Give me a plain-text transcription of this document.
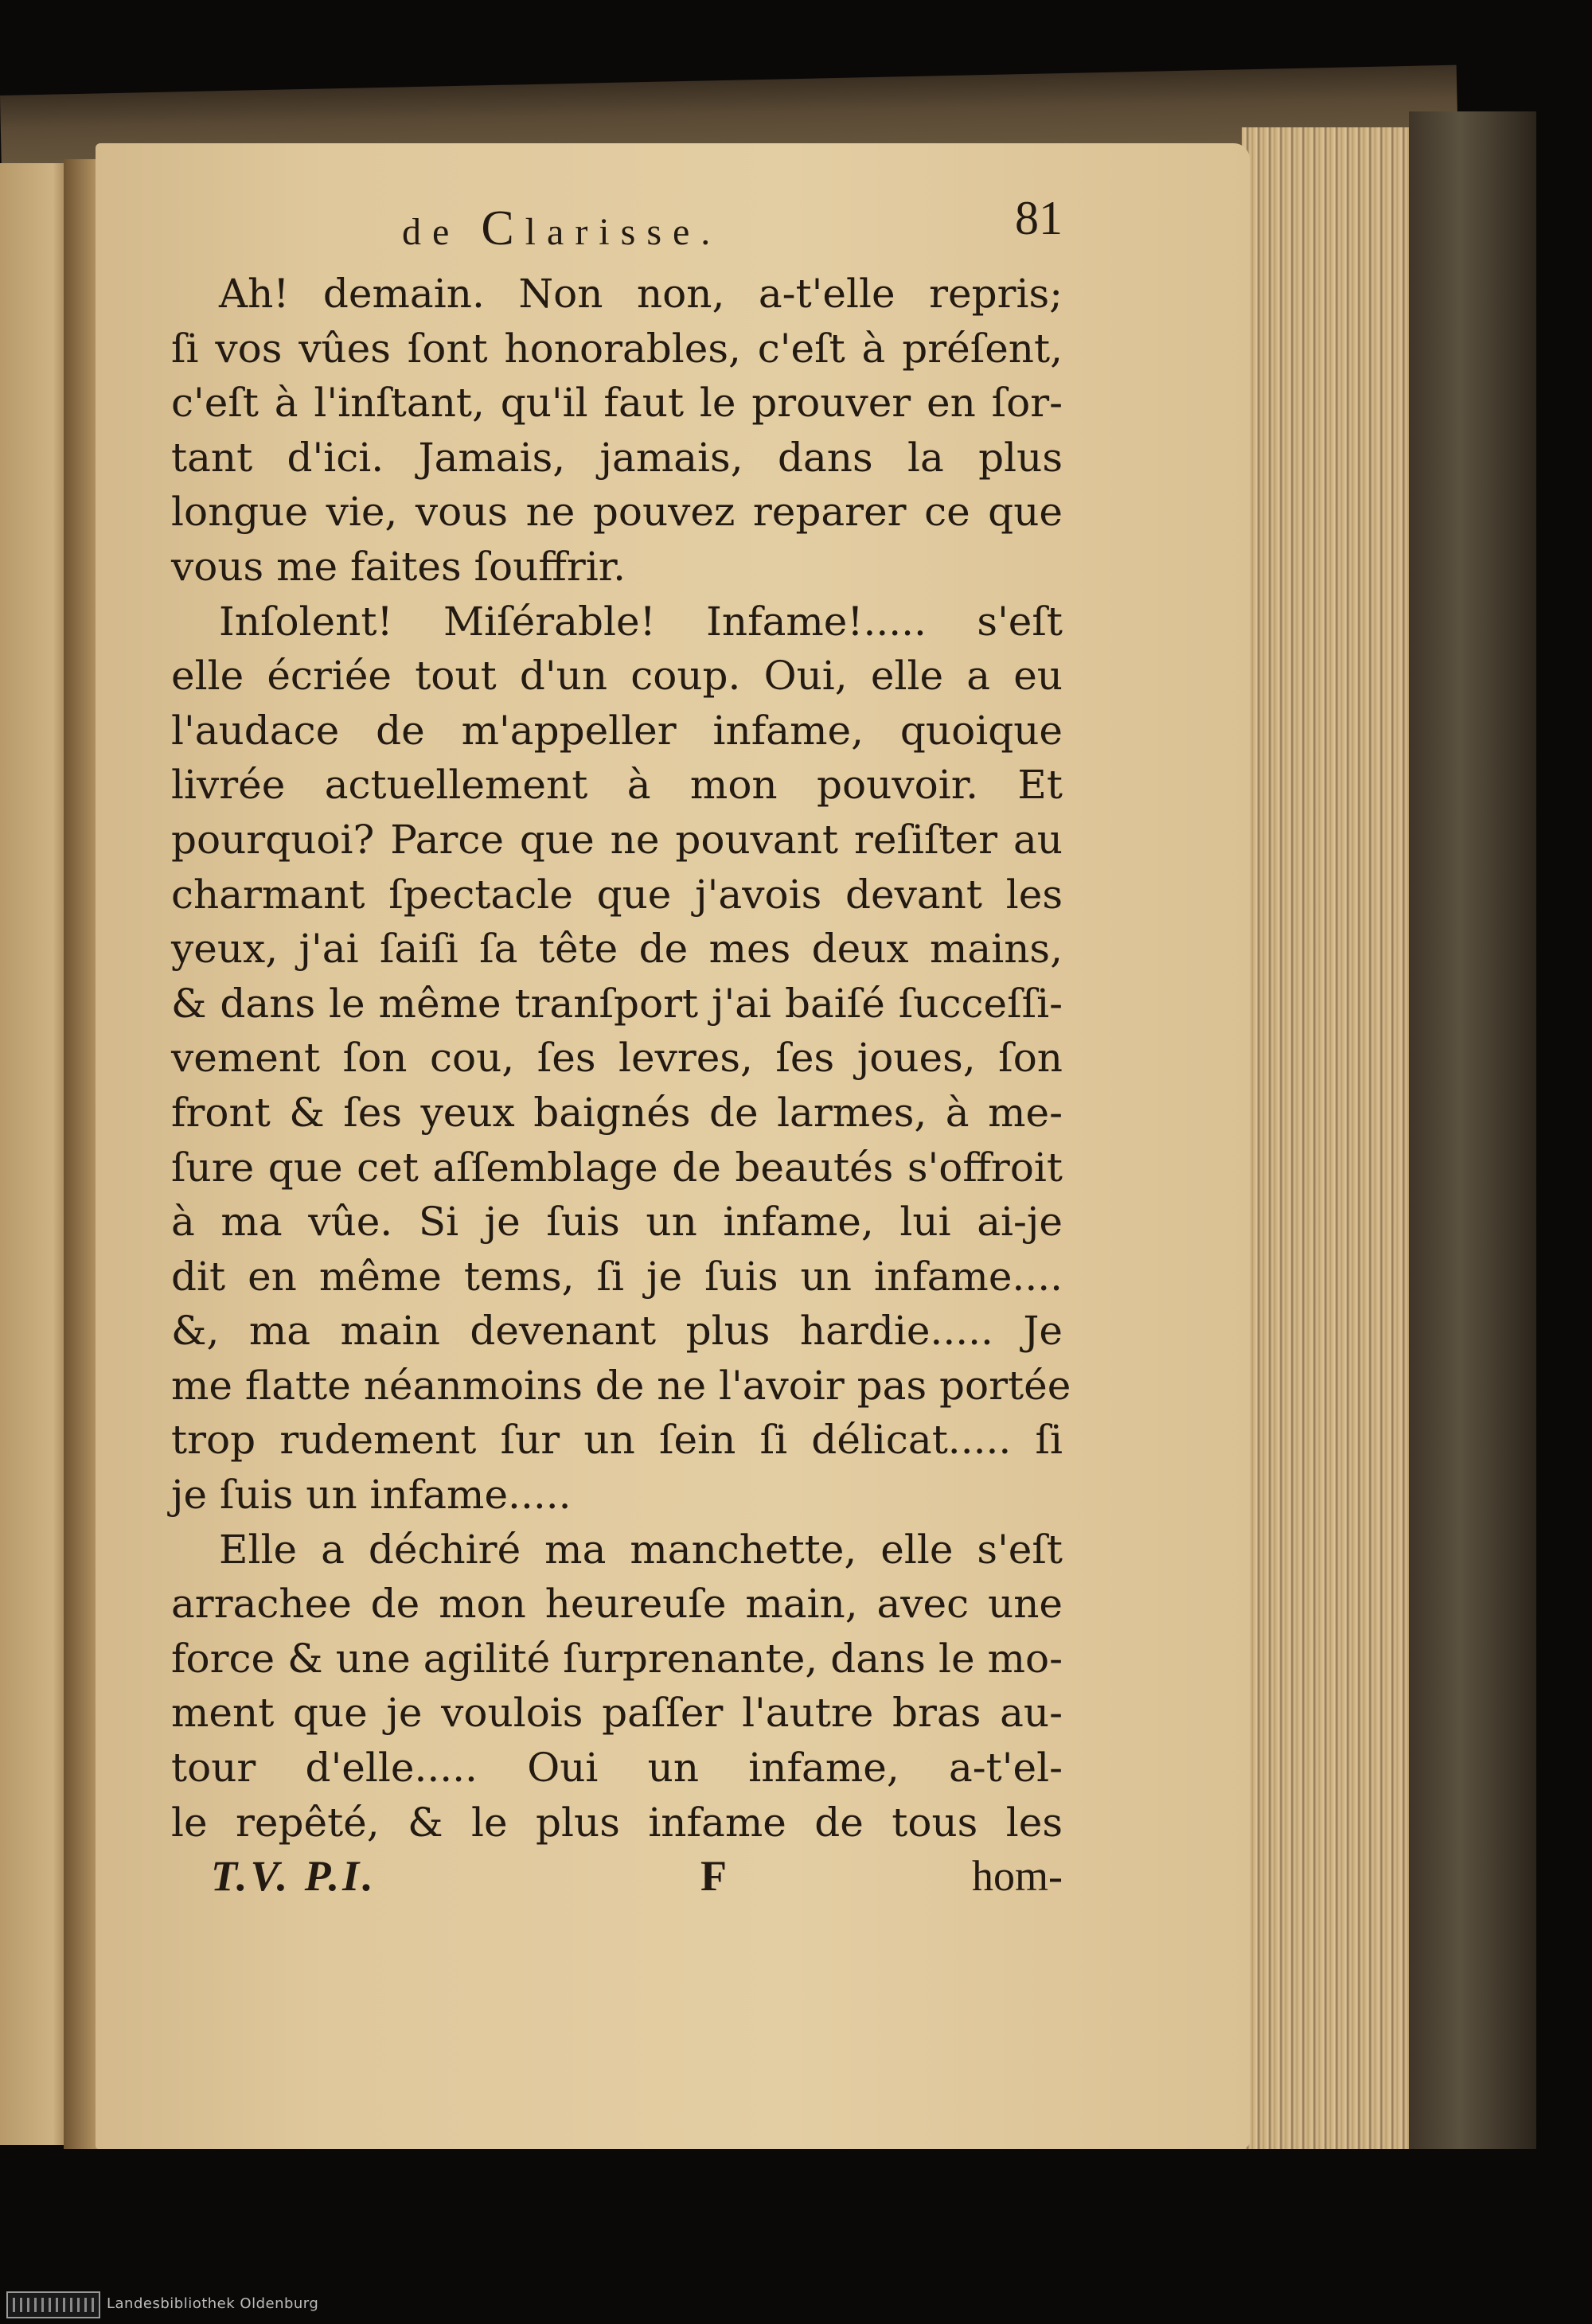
de Clarisse.	81
Ah! demain. Non non, a-t'elle repris;
ſi vos vûes ſont honorables, c'eſt à préſent,
c'eſt à l'inſtant, qu'il faut le prouver en ſor-
tant d'ici. Jamais, jamais, dans la plus
longue vie, vous ne pouvez reparer ce que
vous me faites ſouffrir.
Inſolent! Miſérable! Infame!..... s'eſt
elle écriée tout d'un coup. Oui, elle a eu
l'audace de m'appeller infame, quoique
livrée actuellement à mon pouvoir. Et
pourquoi? Parce que ne pouvant reſiſter au
charmant ſpectacle que j'avois devant les
yeux, j'ai ſaiſi ſa tête de mes deux mains,
& dans le même tranſport j'ai baiſé ſucceſſi-
vement ſon cou, ſes levres, ſes joues, ſon
front & ſes yeux baignés de larmes, à me-
ſure que cet aſſemblage de beautés s'offroit
à ma vûe. Si je ſuis un infame, lui ai-je
dit en même tems, ſi je ſuis un infame....
&, ma main devenant plus hardie..... Je
me flatte néanmoins de ne l'avoir pas portée
trop rudement ſur un ſein ſi délicat..... ſi
je ſuis un infame.....
Elle a déchiré ma manchette, elle s'eſt
arrachee de mon heureuſe main, avec une
force & une agilité ſurprenante, dans le mo-
ment que je voulois paſſer l'autre bras au-
tour d'elle..... Oui un infame, a-t'el-
le repêté, & le plus infame de tous les
T.V. P.I.	F	hom-
Landesbibliothek Oldenburg
